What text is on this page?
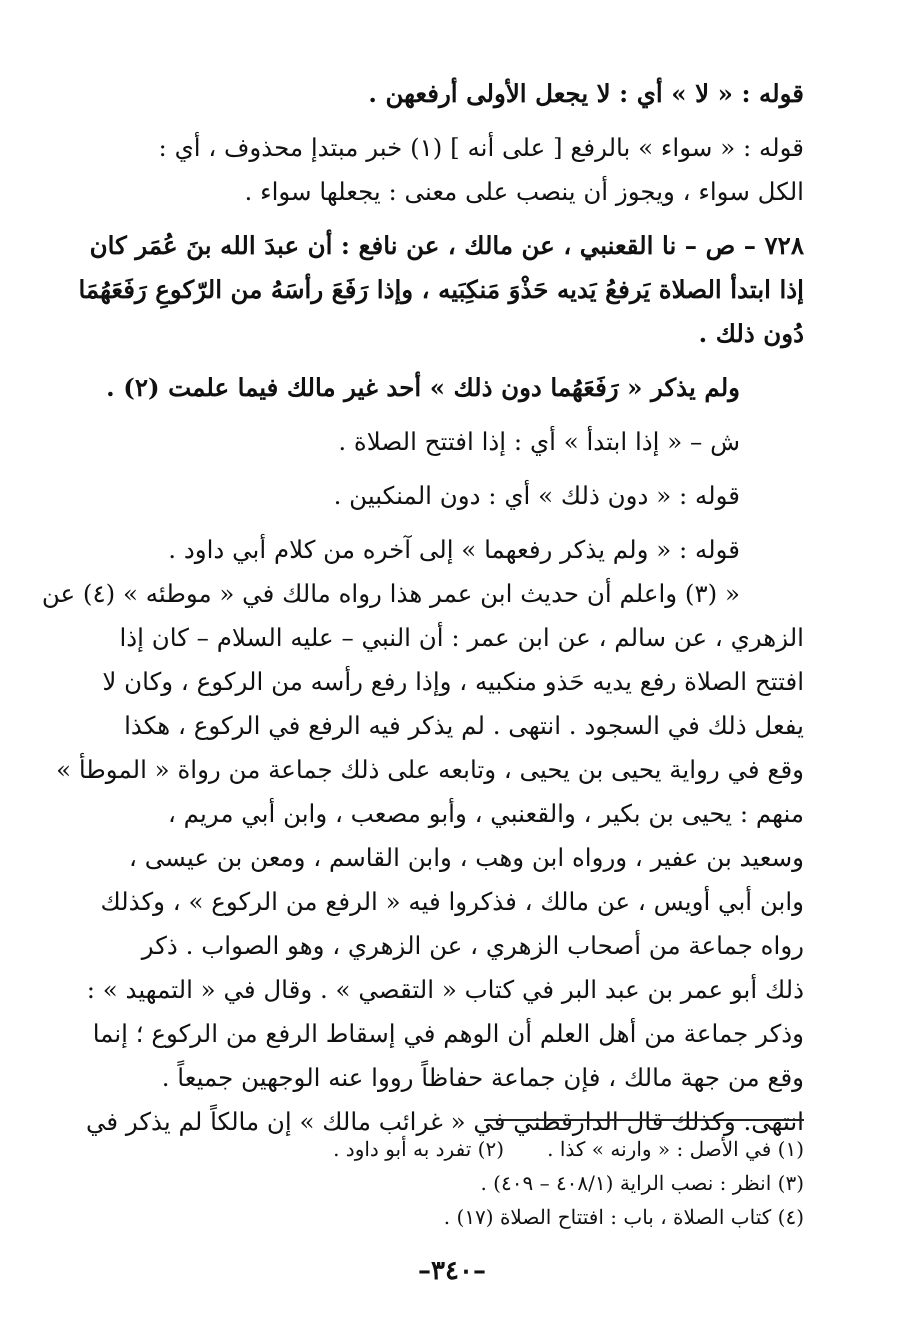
قوله : « لا » أي : لا يجعل الأولى أرفعهن .
قوله : « سواء » بالرفع [ على أنه ] (١) خبر مبتدإ محذوف ، أي :
الكل سواء ، ويجوز أن ينصب على معنى : يجعلها سواء .
٧٢٨ – ص – نا القعنبي ، عن مالك ، عن نافع : أن عبدَ الله بنَ عُمَر كان
إذا ابتدأ الصلاة يَرفعُ يَديه حَذْوَ مَنكِبَيه ، وإذا رَفَعَ رأسَهُ من الرّكوعِ رَفَعَهُمَا
دُون ذلك .
ولم يذكر « رَفَعَهُما دون ذلك » أحد غير مالك فيما علمت (٢) .
ش – « إذا ابتدأ » أي : إذا افتتح الصلاة .
قوله : « دون ذلك » أي : دون المنكبين .
قوله : « ولم يذكر رفعهما » إلى آخره من كلام أبي داود .
« (٣) واعلم أن حديث ابن عمر هذا رواه مالك في « موطئه » (٤) عن
الزهري ، عن سالم ، عن ابن عمر : أن النبي – عليه السلام – كان إذا
افتتح الصلاة رفع يديه حَذو منكبيه ، وإذا رفع رأسه من الركوع ، وكان لا
يفعل ذلك في السجود . انتهى . لم يذكر فيه الرفع في الركوع ، هكذا
وقع في رواية يحيى بن يحيى ، وتابعه على ذلك جماعة من رواة « الموطأ »
منهم : يحيى بن بكير ، والقعنبي ، وأبو مصعب ، وابن أبي مريم ،
وسعيد بن عفير ، ورواه ابن وهب ، وابن القاسم ، ومعن بن عيسى ،
وابن أبي أويس ، عن مالك ، فذكروا فيه « الرفع من الركوع » ، وكذلك
رواه جماعة من أصحاب الزهري ، عن الزهري ، وهو الصواب . ذكر
ذلك أبو عمر بن عبد البر في كتاب « التقصي » . وقال في « التمهيد » :
وذكر جماعة من أهل العلم أن الوهم في إسقاط الرفع من الركوع ؛ إنما
وقع من جهة مالك ، فإن جماعة حفاظاً رووا عنه الوجهين جميعاً .
انتهى. وكذلك قال الدارقطني في « غرائب مالك » إن مالكاً لم يذكر في
(١) في الأصل : « وارنه » كذا .
(٢) تفرد به أبو داود .
(٣) انظر : نصب الراية (٤٠٨/١ – ٤٠٩) .
(٤) كتاب الصلاة ، باب : افتتاح الصلاة (١٧) .
–٣٤٠–
